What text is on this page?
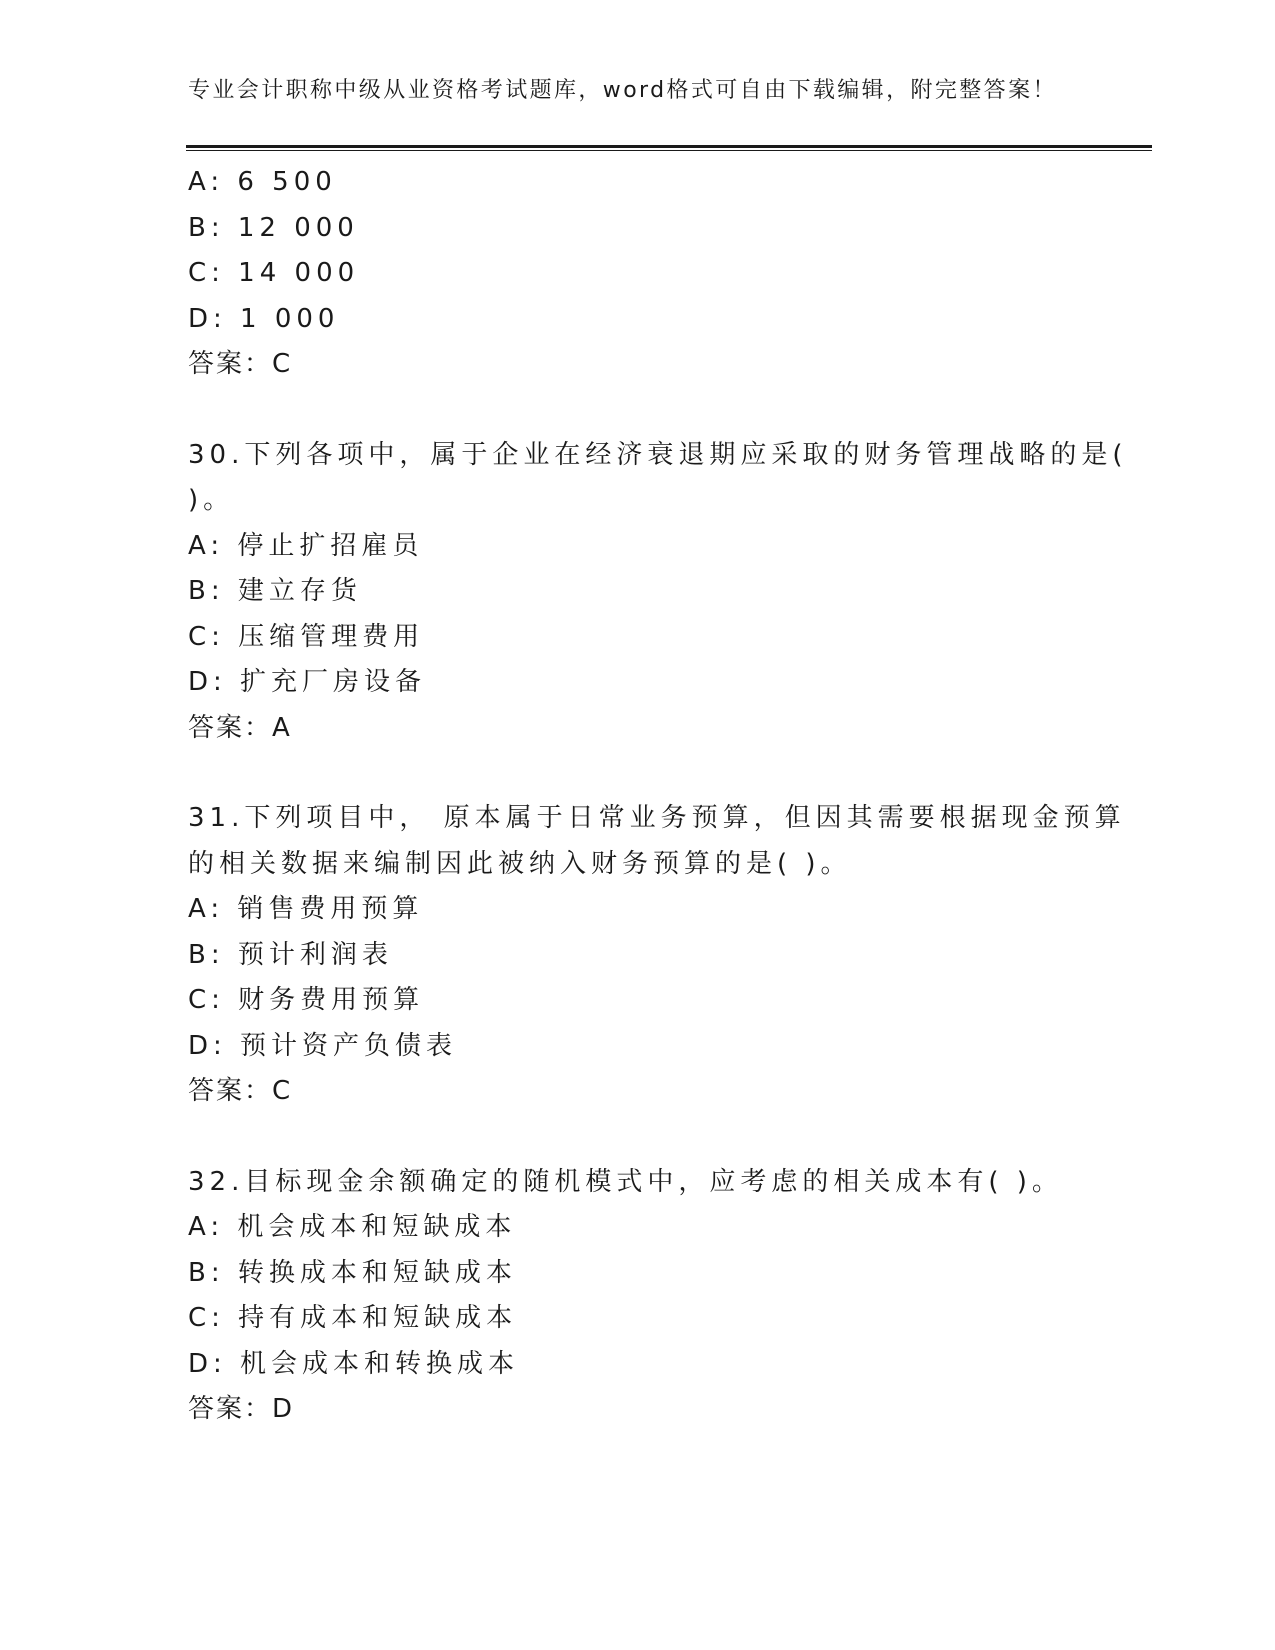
专业会计职称中级从业资格考试题库，word格式可自由下载编辑，附完整答案！
A: 6 500
B: 12 000
C: 14 000
D: 1 000
答案：C
30.下列各项中，属于企业在经济衰退期应采取的财务管理战略的是(
)。
A: 停止扩招雇员
B: 建立存货
C: 压缩管理费用
D: 扩充厂房设备
答案：A
31.下列项目中， 原本属于日常业务预算，但因其需要根据现金预算
的相关数据来编制因此被纳入财务预算的是( )。
A: 销售费用预算
B: 预计利润表
C: 财务费用预算
D: 预计资产负债表
答案：C
32.目标现金余额确定的随机模式中，应考虑的相关成本有( )。
A: 机会成本和短缺成本
B: 转换成本和短缺成本
C: 持有成本和短缺成本
D: 机会成本和转换成本
答案：D
